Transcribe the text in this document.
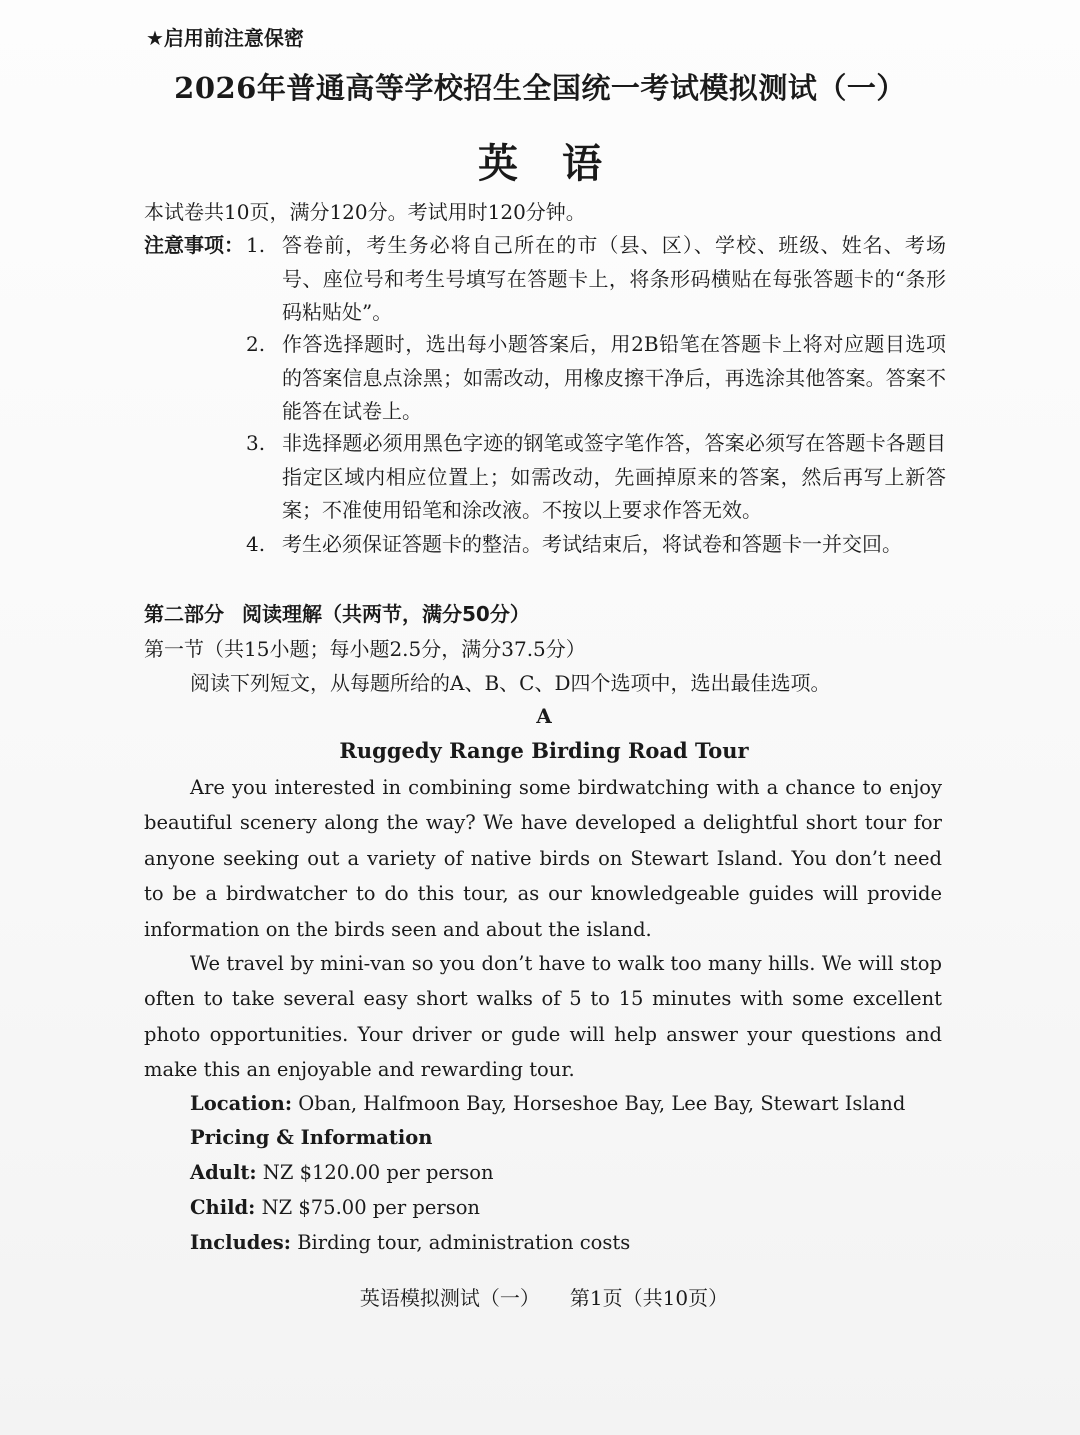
★启用前注意保密
2026年普通高等学校招生全国统一考试模拟测试（一）
英语
本试卷共10页，满分120分。考试用时120分钟。
注意事项： 1. 答卷前，考生务必将自己所在的市（县、区）、学校、班级、姓名、考场号、座位号和考生号填写在答题卡上，将条形码横贴在每张答题卡的“条形码粘贴处”。
2. 作答选择题时，选出每小题答案后，用2B铅笔在答题卡上将对应题目选项的答案信息点涂黑；如需改动，用橡皮擦干净后，再选涂其他答案。答案不能答在试卷上。
3. 非选择题必须用黑色字迹的钢笔或签字笔作答，答案必须写在答题卡各题目指定区域内相应位置上；如需改动，先画掉原来的答案，然后再写上新答案；不准使用铅笔和涂改液。不按以上要求作答无效。
4. 考生必须保证答题卡的整洁。考试结束后，将试卷和答题卡一并交回。
第二部分 阅读理解（共两节，满分50分）
第一节（共15小题；每小题2.5分，满分37.5分）
阅读下列短文，从每题所给的A、B、C、D四个选项中，选出最佳选项。
A
Ruggedy Range Birding Road Tour
Are you interested in combining some birdwatching with a chance to enjoy beautiful scenery along the way? We have developed a delightful short tour for anyone seeking out a variety of native birds on Stewart Island. You don’t need to be a birdwatcher to do this tour, as our knowledgeable guides will provide information on the birds seen and about the island.
We travel by mini-van so you don’t have to walk too many hills. We will stop often to take several easy short walks of 5 to 15 minutes with some excellent photo opportunities. Your driver or gude will help answer your questions and make this an enjoyable and rewarding tour.
Location: Oban, Halfmoon Bay, Horseshoe Bay, Lee Bay, Stewart Island
Pricing & Information
Adult: NZ $120.00 per person
Child: NZ $75.00 per person
Includes: Birding tour, administration costs
英语模拟测试（一） 第1页（共10页）
